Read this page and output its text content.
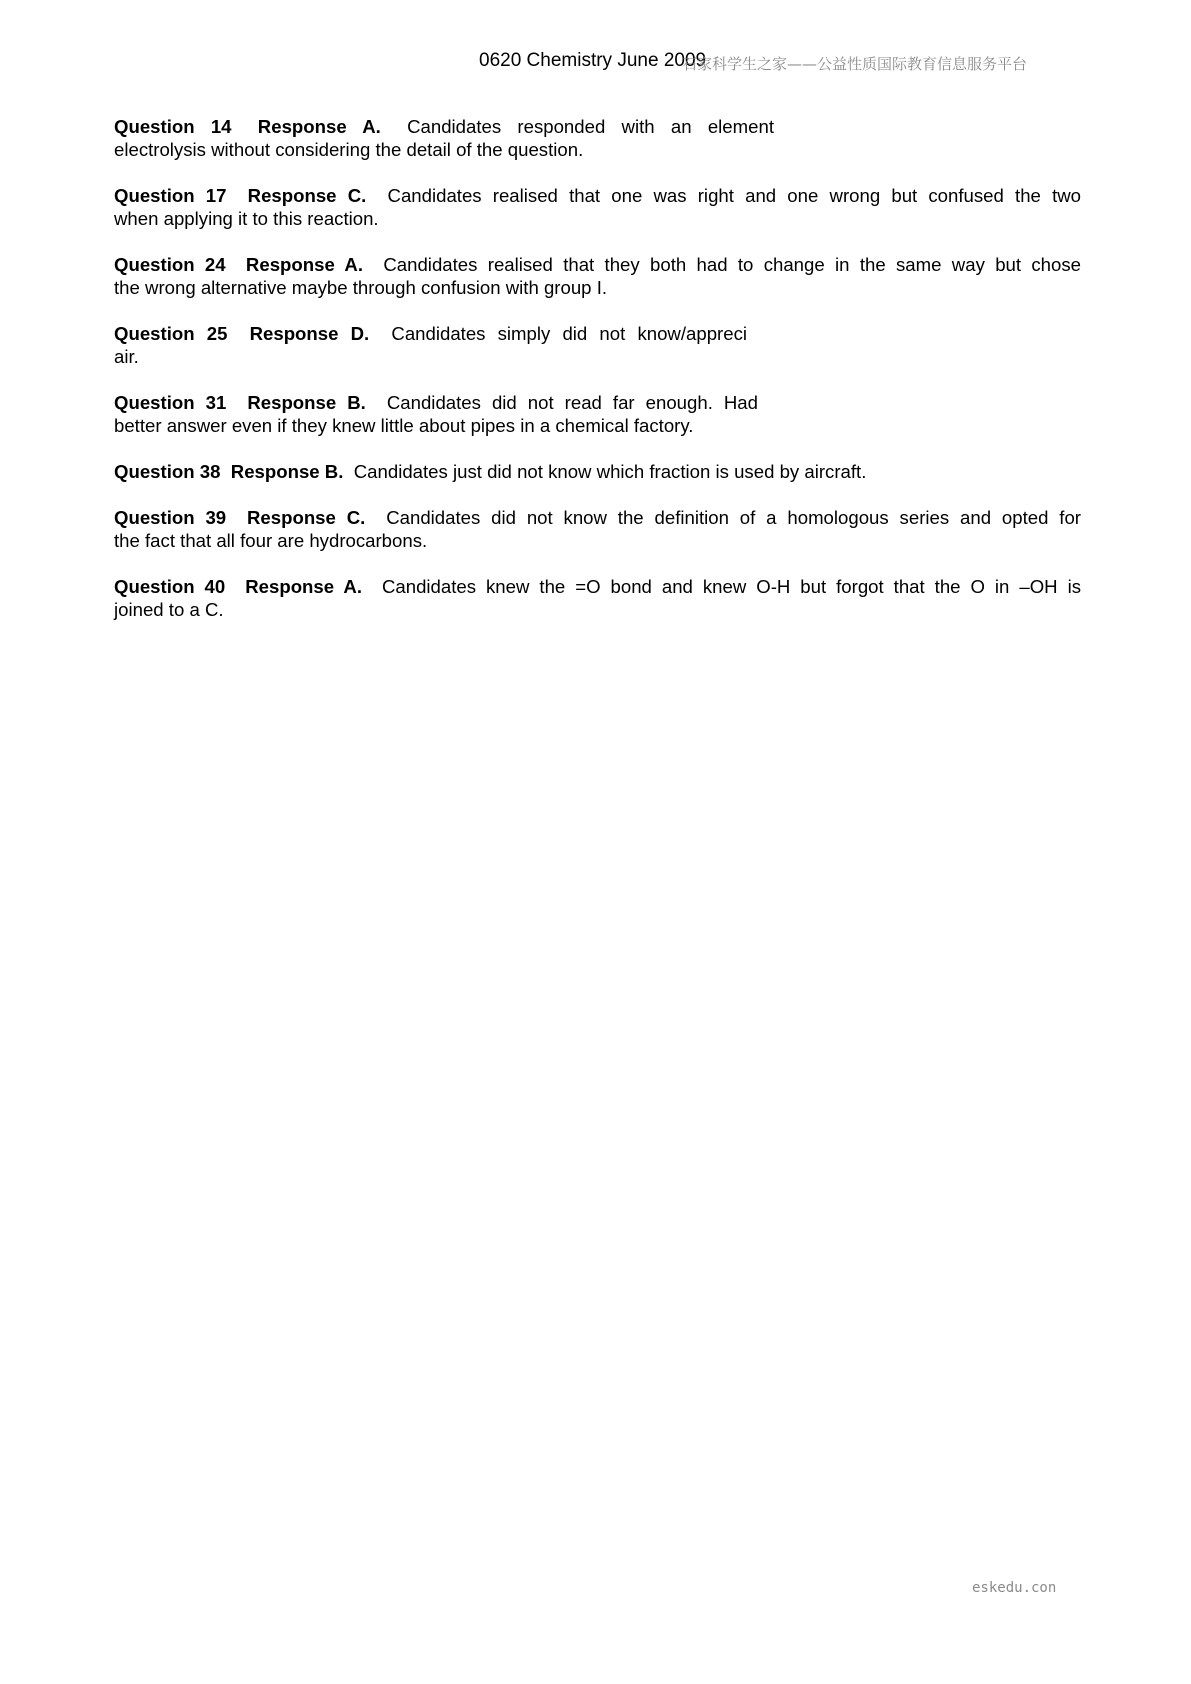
0620 Chemistry June 2009
石家科学生之家——公益性质国际教育信息服务平台
Question 14 Response A. Candidates responded with an element
electrolysis without considering the detail of the question.
Question 17 Response C. Candidates realised that one was right and one wrong but confused the two
when applying it to this reaction.
Question 24 Response A. Candidates realised that they both had to change in the same way but chose
the wrong alternative maybe through confusion with group I.
Question 25 Response D. Candidates simply did not know/appreci
air.
Question 31 Response B. Candidates did not read far enough. Had
better answer even if they knew little about pipes in a chemical factory.
Question 38 Response B. Candidates just did not know which fraction is used by aircraft.
Question 39 Response C. Candidates did not know the definition of a homologous series and opted for
the fact that all four are hydrocarbons.
Question 40 Response A. Candidates knew the =O bond and knew O-H but forgot that the O in –OH is
joined to a C.
eskedu.con
